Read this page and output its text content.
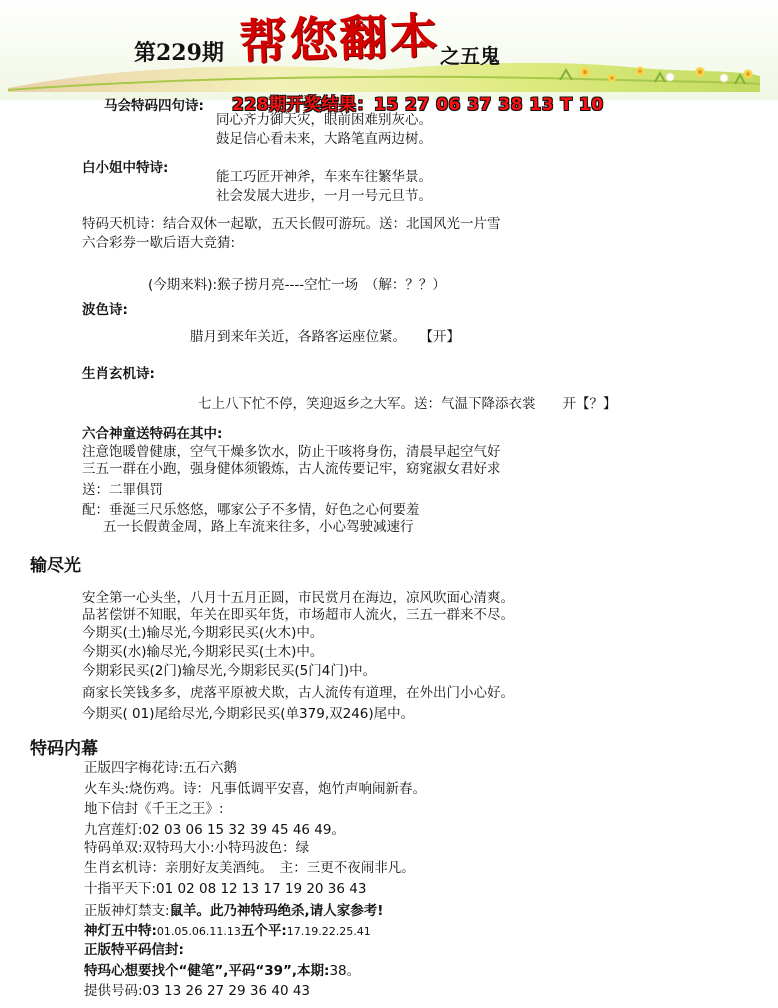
第229期 帮您翻本 之五鬼
马会特码四句诗: 228期开奖结果：15 27 06 37 38 13 T 10
同心齐力御天灾，眼前困难别灰心。
鼓足信心看未来，大路笔直两边树。
白小姐中特诗:
能工巧匠开神斧，车来车往繁华景。
社会发展大进步，一月一号元旦节。
特码天机诗：结合双休一起歇，五天长假可游玩。送：北国风光一片雪
六合彩券一歇后语大竞猜:
(今期来料):猴子捞月亮----空忙一场　（解：？？）
波色诗:
腊月到来年关近，各路客运座位紧。　　【开】
生肖玄机诗:
七上八下忙不停，笑迎返乡之大军。送：气温下降添衣裳　　开【？】
六合神童送特码在其中:
注意饱暖曾健康，空气干燥多饮水，防止干咳将身伤，清晨早起空气好
三五一群在小跑，强身健体须锻炼，古人流传要记牢，窈窕淑女君好求
送：二罪俱罚
配：垂涎三尺乐悠悠，哪家公子不多情，好色之心何要羞
五一长假黄金周，路上车流来往多，小心驾驶减速行
输尽光
安全第一心头坐，八月十五月正圆，市民赏月在海边，凉风吹面心清爽。
品茗偿饼不知眠，年关在即买年货，市场超市人流火，三五一群来不尽。
今期买(土)输尽光,今期彩民买(火木)中。
今期买(水)输尽光,今期彩民买(土木)中。
今期彩民买(2门)输尽光,今期彩民买(5门4门)中。
商家长笑钱多多，虎落平原被犬欺，古人流传有道理，在外出门小心好。
今期买( 01)尾给尽光,今期彩民买(单379,双246)尾中。
特码内幕
正版四字梅花诗:五石六鹅
火车头:烧伤鸡。诗：凡事低调平安喜，炮竹声响闹新春。
地下信封《千王之王》:
九宫莲灯:02 03 06 15 32 39 45 46 49。
特码单双:双特玛大小:小特玛波色：绿
生肖玄机诗：亲朋好友美酒纯。　主：三更不夜闹非凡。
十指平天下:01 02 08 12 13 17 19 20 36 43
正版神灯禁支:鼠羊。此乃神特玛绝杀,请人家参考!
神灯五中特:01.05.06.11.13五个平:17.19.22.25.41
正版特平码信封:
特玛心想要找个“健笔”,平码“39”,本期:38。
提供号码:03 13 26 27 29 36 40 43
